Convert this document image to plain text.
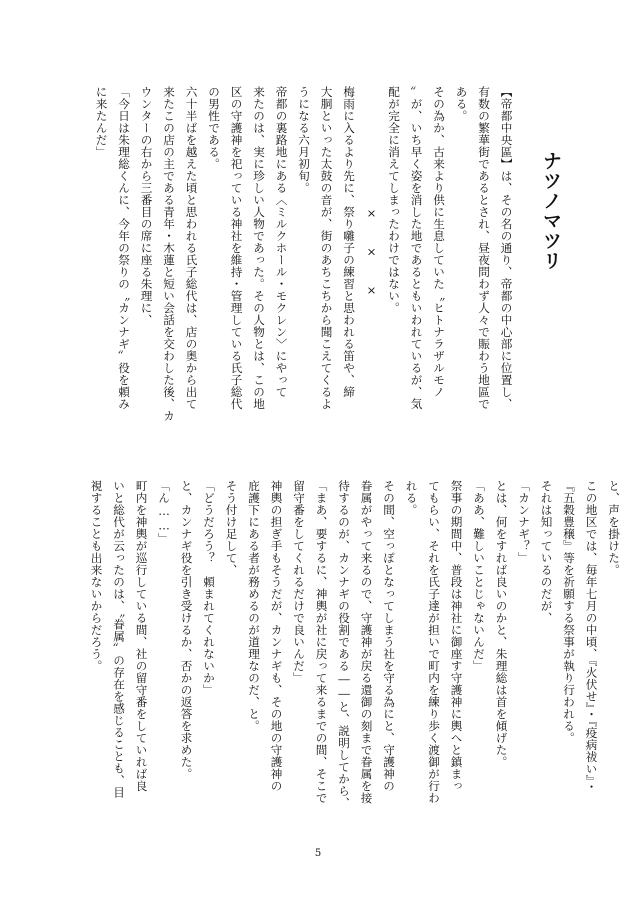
ナツノマツリ
【帝都中央區】は、その名の通り、帝都の中心部に位置し、
有数の繁華街であるとされ、昼夜問わず人々で賑わう地區で
ある。
その為か、古来より供に生息していた〝ヒトナラザルモノ
〟が、いち早く姿を消した地であるともいわれているが、気
配が完全に消えてしまったわけではない。
　　　　　　　　　　×　　×　　×
梅雨に入るより先に、祭り囃子の練習と思われる笛や、締
大胴といった太鼓の音が、街のあちこちから聞こえてくるよ
うになる六月初旬。
帝都の裏路地にある〈ミルクホール・モクレン〉にやって
来たのは、実に珍しい人物であった。その人物とは、この地
区の守護神を祀っている神社を維持・管理している氏子総代
の男性である。
六十半ばを越えた頃と思われる氏子総代は、店の奥から出て
来たこの店の主である青年・木蓮と短い会話を交わした後、カ
ウンターの右から三番目の席に座る朱理に、
「今日は朱理総くんに、今年の祭りの〝カンナギ〟役を頼み
に来たんだ」
と、声を掛けた。
この地区では、毎年七月の中頃、『火伏せ』・『疫病祓い』・
『五穀豊穣』等を祈願する祭事が執り行われる。
それは知っているのだが、
「カンナギ？」
とは、何をすれば良いのかと、朱理総は首を傾げた。
「ああ、難しいことじゃないんだ」
祭事の期間中、普段は神社に御座す守護神に輿へと鎮まっ
てもらい、それを氏子達が担いで町内を練り歩く渡御が行わ
れる。
その間、空っぽとなってしまう社を守る為にと、守護神の
眷属がやって来るので、守護神が戻る還御の刻まで眷属を接
待するのが、カンナギの役割である――と、説明してから、
「まあ、要するに、神輿が社に戻って来るまでの間、そこで
留守番をしてくれるだけで良いんだ」
神輿の担ぎ手もそうだが、カンナギも、その地の守護神の
庇護下にある者が務めるのが道理なのだ、と。
そう付け足して、
「どうだろう？　頼まれてくれないか」
と、カンナギ役を引き受けるか、否かの返答を求めた。
「ん……」
町内を神輿が巡行している間、社の留守番をしていれば良
いと総代が云ったのは、〝眷属〟の存在を感じることも、目
視することも出来ないからだろう。
5
